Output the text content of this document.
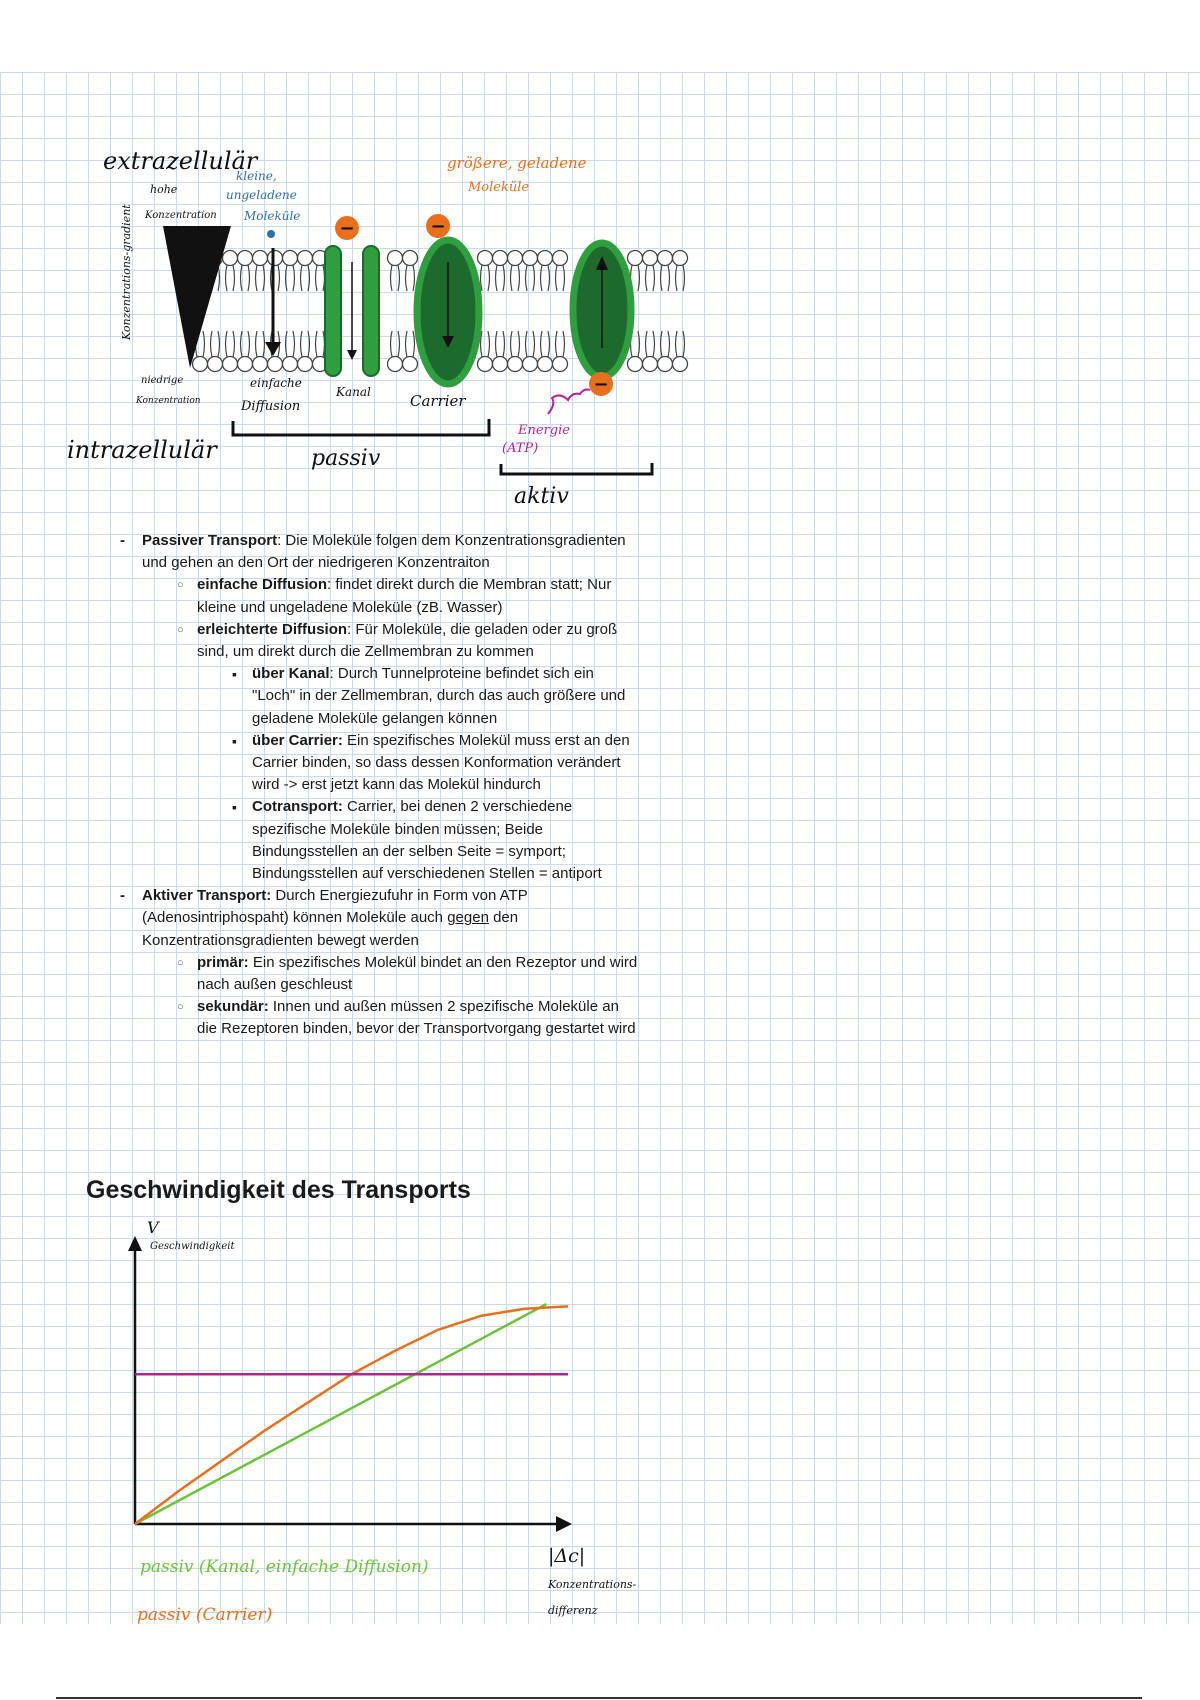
−	−
−
extrazellulär
hohe
Konzentration
kleine,
ungeladene
Moleküle
größere, geladene
Moleküle
Konzentrations-gradient
niedrige
Konzentration
einfache
Diffusion
Kanal	Carrier
Energie
(ATP)
intrazellulär	passiv
aktiv
- Passiver Transport: Die Moleküle folgen dem Konzentrationsgradienten und gehen an den Ort der niedrigeren Konzentraiton
○ einfache Diffusion: findet direkt durch die Membran statt; Nur kleine und ungeladene Moleküle (zB. Wasser)
○ erleichterte Diffusion: Für Moleküle, die geladen oder zu groß sind, um direkt durch die Zellmembran zu kommen
▪ über Kanal: Durch Tunnelproteine befindet sich ein "Loch" in der Zellmembran, durch das auch größere und geladene Moleküle gelangen können
▪ über Carrier: Ein spezifisches Molekül muss erst an den Carrier binden, so dass dessen Konformation verändert wird -> erst jetzt kann das Molekül hindurch
▪ Cotransport: Carrier, bei denen 2 verschiedene spezifische Moleküle binden müssen; Beide Bindungsstellen an der selben Seite = symport; Bindungsstellen auf verschiedenen Stellen = antiport
- Aktiver Transport: Durch Energiezufuhr in Form von ATP (Adenosintriphospaht) können Moleküle auch gegen den Konzentrationsgradienten bewegt werden
○ primär: Ein spezifisches Molekül bindet an den Rezeptor und wird nach außen geschleust
○ sekundär: Innen und außen müssen 2 spezifische Moleküle an die Rezeptoren binden, bevor der Transportvorgang gestartet wird
Geschwindigkeit des Transports
V
Geschwindigkeit
|Δc|
Konzentrations-
differenz
passiv (Kanal, einfache Diffusion)
passiv (Carrier)
